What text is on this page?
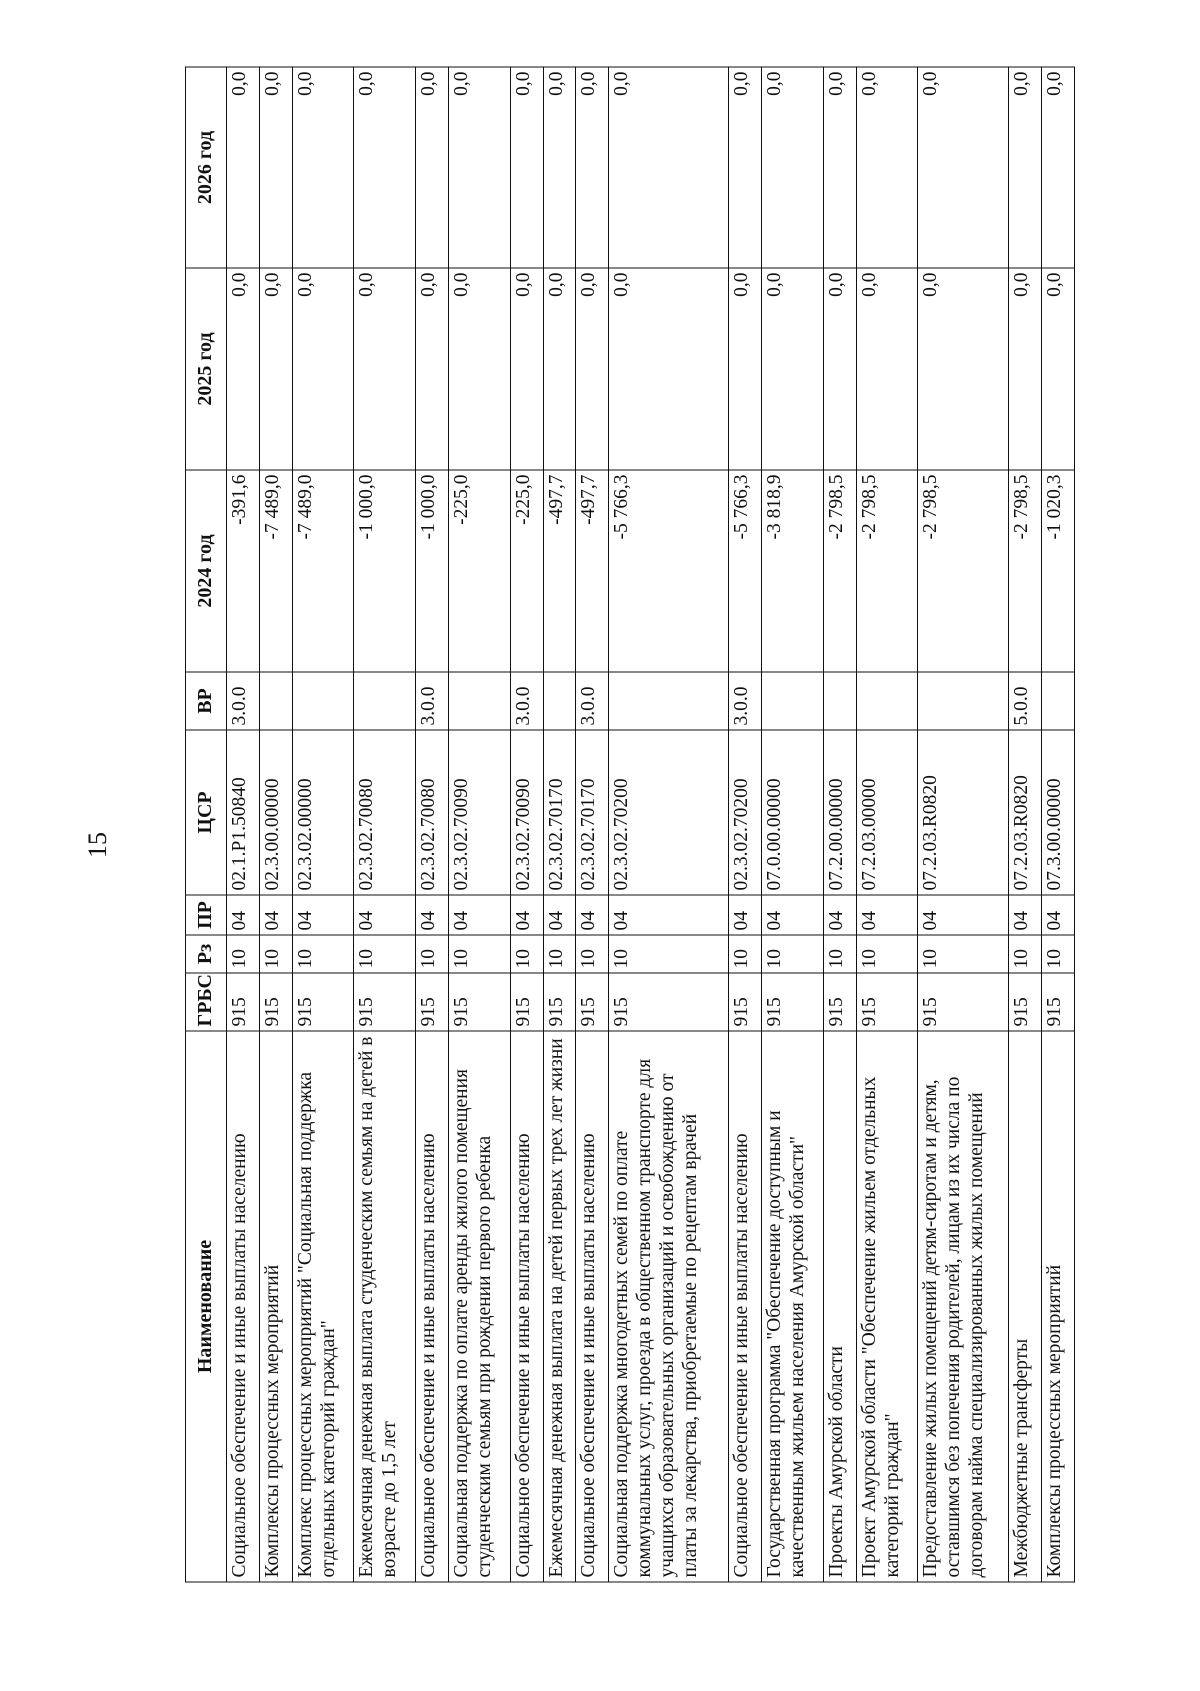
15
Наименование	ГРБС	Рз	ПР	ЦСР	ВР	2024 год	2025 год	2026 год
Социальное обеспечение и иные выплаты населению	915	10	04	02.1.P1.50840	3.0.0	-391,6	0,0	0,0
Комплексы процессных мероприятий	915	10	04	02.3.00.00000		-7 489,0	0,0	0,0
Комплекс процессных мероприятий "Социальная поддержка отдельных категорий граждан"	915	10	04	02.3.02.00000		-7 489,0	0,0	0,0
Ежемесячная денежная выплата студенческим семьям на детей в возрасте до 1,5 лет	915	10	04	02.3.02.70080		-1 000,0	0,0	0,0
Социальное обеспечение и иные выплаты населению	915	10	04	02.3.02.70080	3.0.0	-1 000,0	0,0	0,0
Социальная поддержка по оплате аренды жилого помещения студенческим семьям при рождении первого ребенка	915	10	04	02.3.02.70090		-225,0	0,0	0,0
Социальное обеспечение и иные выплаты населению	915	10	04	02.3.02.70090	3.0.0	-225,0	0,0	0,0
Ежемесячная денежная выплата на детей первых трех лет жизни	915	10	04	02.3.02.70170		-497,7	0,0	0,0
Социальное обеспечение и иные выплаты населению	915	10	04	02.3.02.70170	3.0.0	-497,7	0,0	0,0
Социальная поддержка многодетных семей по оплате коммунальных услуг, проезда в общественном транспорте для учащихся образовательных организаций и освобождению от платы за лекарства, приобретаемые по рецептам врачей	915	10	04	02.3.02.70200		-5 766,3	0,0	0,0
Социальное обеспечение и иные выплаты населению	915	10	04	02.3.02.70200	3.0.0	-5 766,3	0,0	0,0
Государственная программа "Обеспечение доступным и качественным жильем населения Амурской области"	915	10	04	07.0.00.00000		-3 818,9	0,0	0,0
Проекты Амурской области	915	10	04	07.2.00.00000		-2 798,5	0,0	0,0
Проект Амурской области "Обеспечение жильем отдельных категорий граждан"	915	10	04	07.2.03.00000		-2 798,5	0,0	0,0
Предоставление жилых помещений детям-сиротам и детям, оставшимся без попечения родителей, лицам из их числа по договорам найма специализированных жилых помещений	915	10	04	07.2.03.R0820		-2 798,5	0,0	0,0
Межбюджетные трансферты	915	10	04	07.2.03.R0820	5.0.0	-2 798,5	0,0	0,0
Комплексы процессных мероприятий	915	10	04	07.3.00.00000		-1 020,3	0,0	0,0
